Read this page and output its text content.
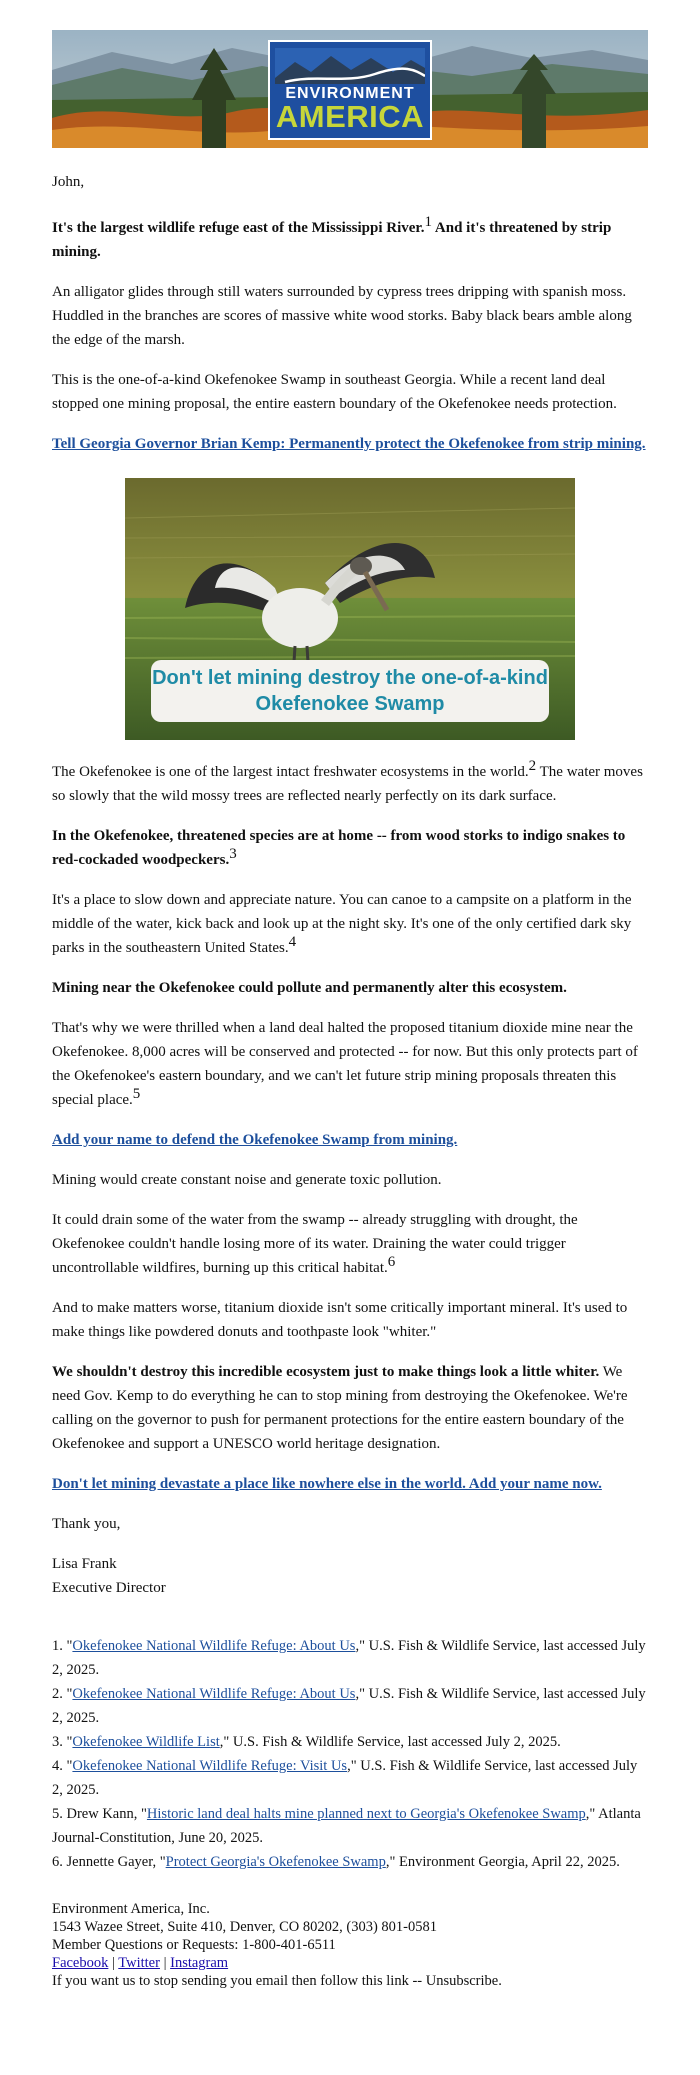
ENVIRONMENT
AMERICA

John,

It's the largest wildlife refuge east of the Mississippi River.$^1$ And it's threatened by strip mining.

An alligator glides through still waters surrounded by cypress trees dripping with spanish moss. Huddled in the branches are scores of massive white wood storks. Baby black bears amble along the edge of the marsh.

This is the one-of-a-kind Okefenokee Swamp in southeast Georgia. While a recent land deal stopped one mining proposal, the entire eastern boundary of the Okefenokee needs protection.

Tell Georgia Governor Brian Kemp: Permanently protect the Okefenokee from strip mining.

Don't let mining destroy the one-of-a-kind
Okefenokee Swamp

The Okefenokee is one of the largest intact freshwater ecosystems in the world.$^2$ The water moves so slowly that the wild mossy trees are reflected nearly perfectly on its dark surface.

In the Okefenokee, threatened species are at home -- from wood storks to indigo snakes to red-cockaded woodpeckers.$^3$

It's a place to slow down and appreciate nature. You can canoe to a campsite on a platform in the middle of the water, kick back and look up at the night sky. It's one of the only certified dark sky parks in the southeastern United States.$^4$

Mining near the Okefenokee could pollute and permanently alter this ecosystem.

That's why we were thrilled when a land deal halted the proposed titanium dioxide mine near the Okefenokee. 8,000 acres will be conserved and protected -- for now. But this only protects part of the Okefenokee's eastern boundary, and we can't let future strip mining proposals threaten this special place.$^5$

Add your name to defend the Okefenokee Swamp from mining.

Mining would create constant noise and generate toxic pollution.

It could drain some of the water from the swamp -- already struggling with drought, the Okefenokee couldn't handle losing more of its water. Draining the water could trigger uncontrollable wildfires, burning up this critical habitat.$^6$

And to make matters worse, titanium dioxide isn't some critically important mineral. It's used to make things like powdered donuts and toothpaste look "whiter."

We shouldn't destroy this incredible ecosystem just to make things look a little whiter. We need Gov. Kemp to do everything he can to stop mining from destroying the Okefenokee. We're calling on the governor to push for permanent protections for the entire eastern boundary of the Okefenokee and support a UNESCO world heritage designation.

Don't let mining devastate a place like nowhere else in the world. Add your name now.

Thank you,

Lisa Frank

Executive Director

1. "Okefenokee National Wildlife Refuge: About Us," U.S. Fish & Wildlife Service, last accessed July 2, 2025.

2. "Okefenokee National Wildlife Refuge: About Us," U.S. Fish & Wildlife Service, last accessed July 2, 2025.

3. "Okefenokee Wildlife List," U.S. Fish & Wildlife Service, last accessed July 2, 2025.

4. "Okefenokee National Wildlife Refuge: Visit Us," U.S. Fish & Wildlife Service, last accessed July 2, 2025.

5. Drew Kann, "Historic land deal halts mine planned next to Georgia's Okefenokee Swamp," Atlanta Journal-Constitution, June 20, 2025.

6. Jennette Gayer, "Protect Georgia's Okefenokee Swamp," Environment Georgia, April 22, 2025.

Environment America, Inc.
1543 Wazee Street, Suite 410, Denver, CO 80202, (303) 801-0581
Member Questions or Requests: 1-800-401-6511
Facebook | Twitter | Instagram
If you want us to stop sending you email then follow this link -- Unsubscribe.
